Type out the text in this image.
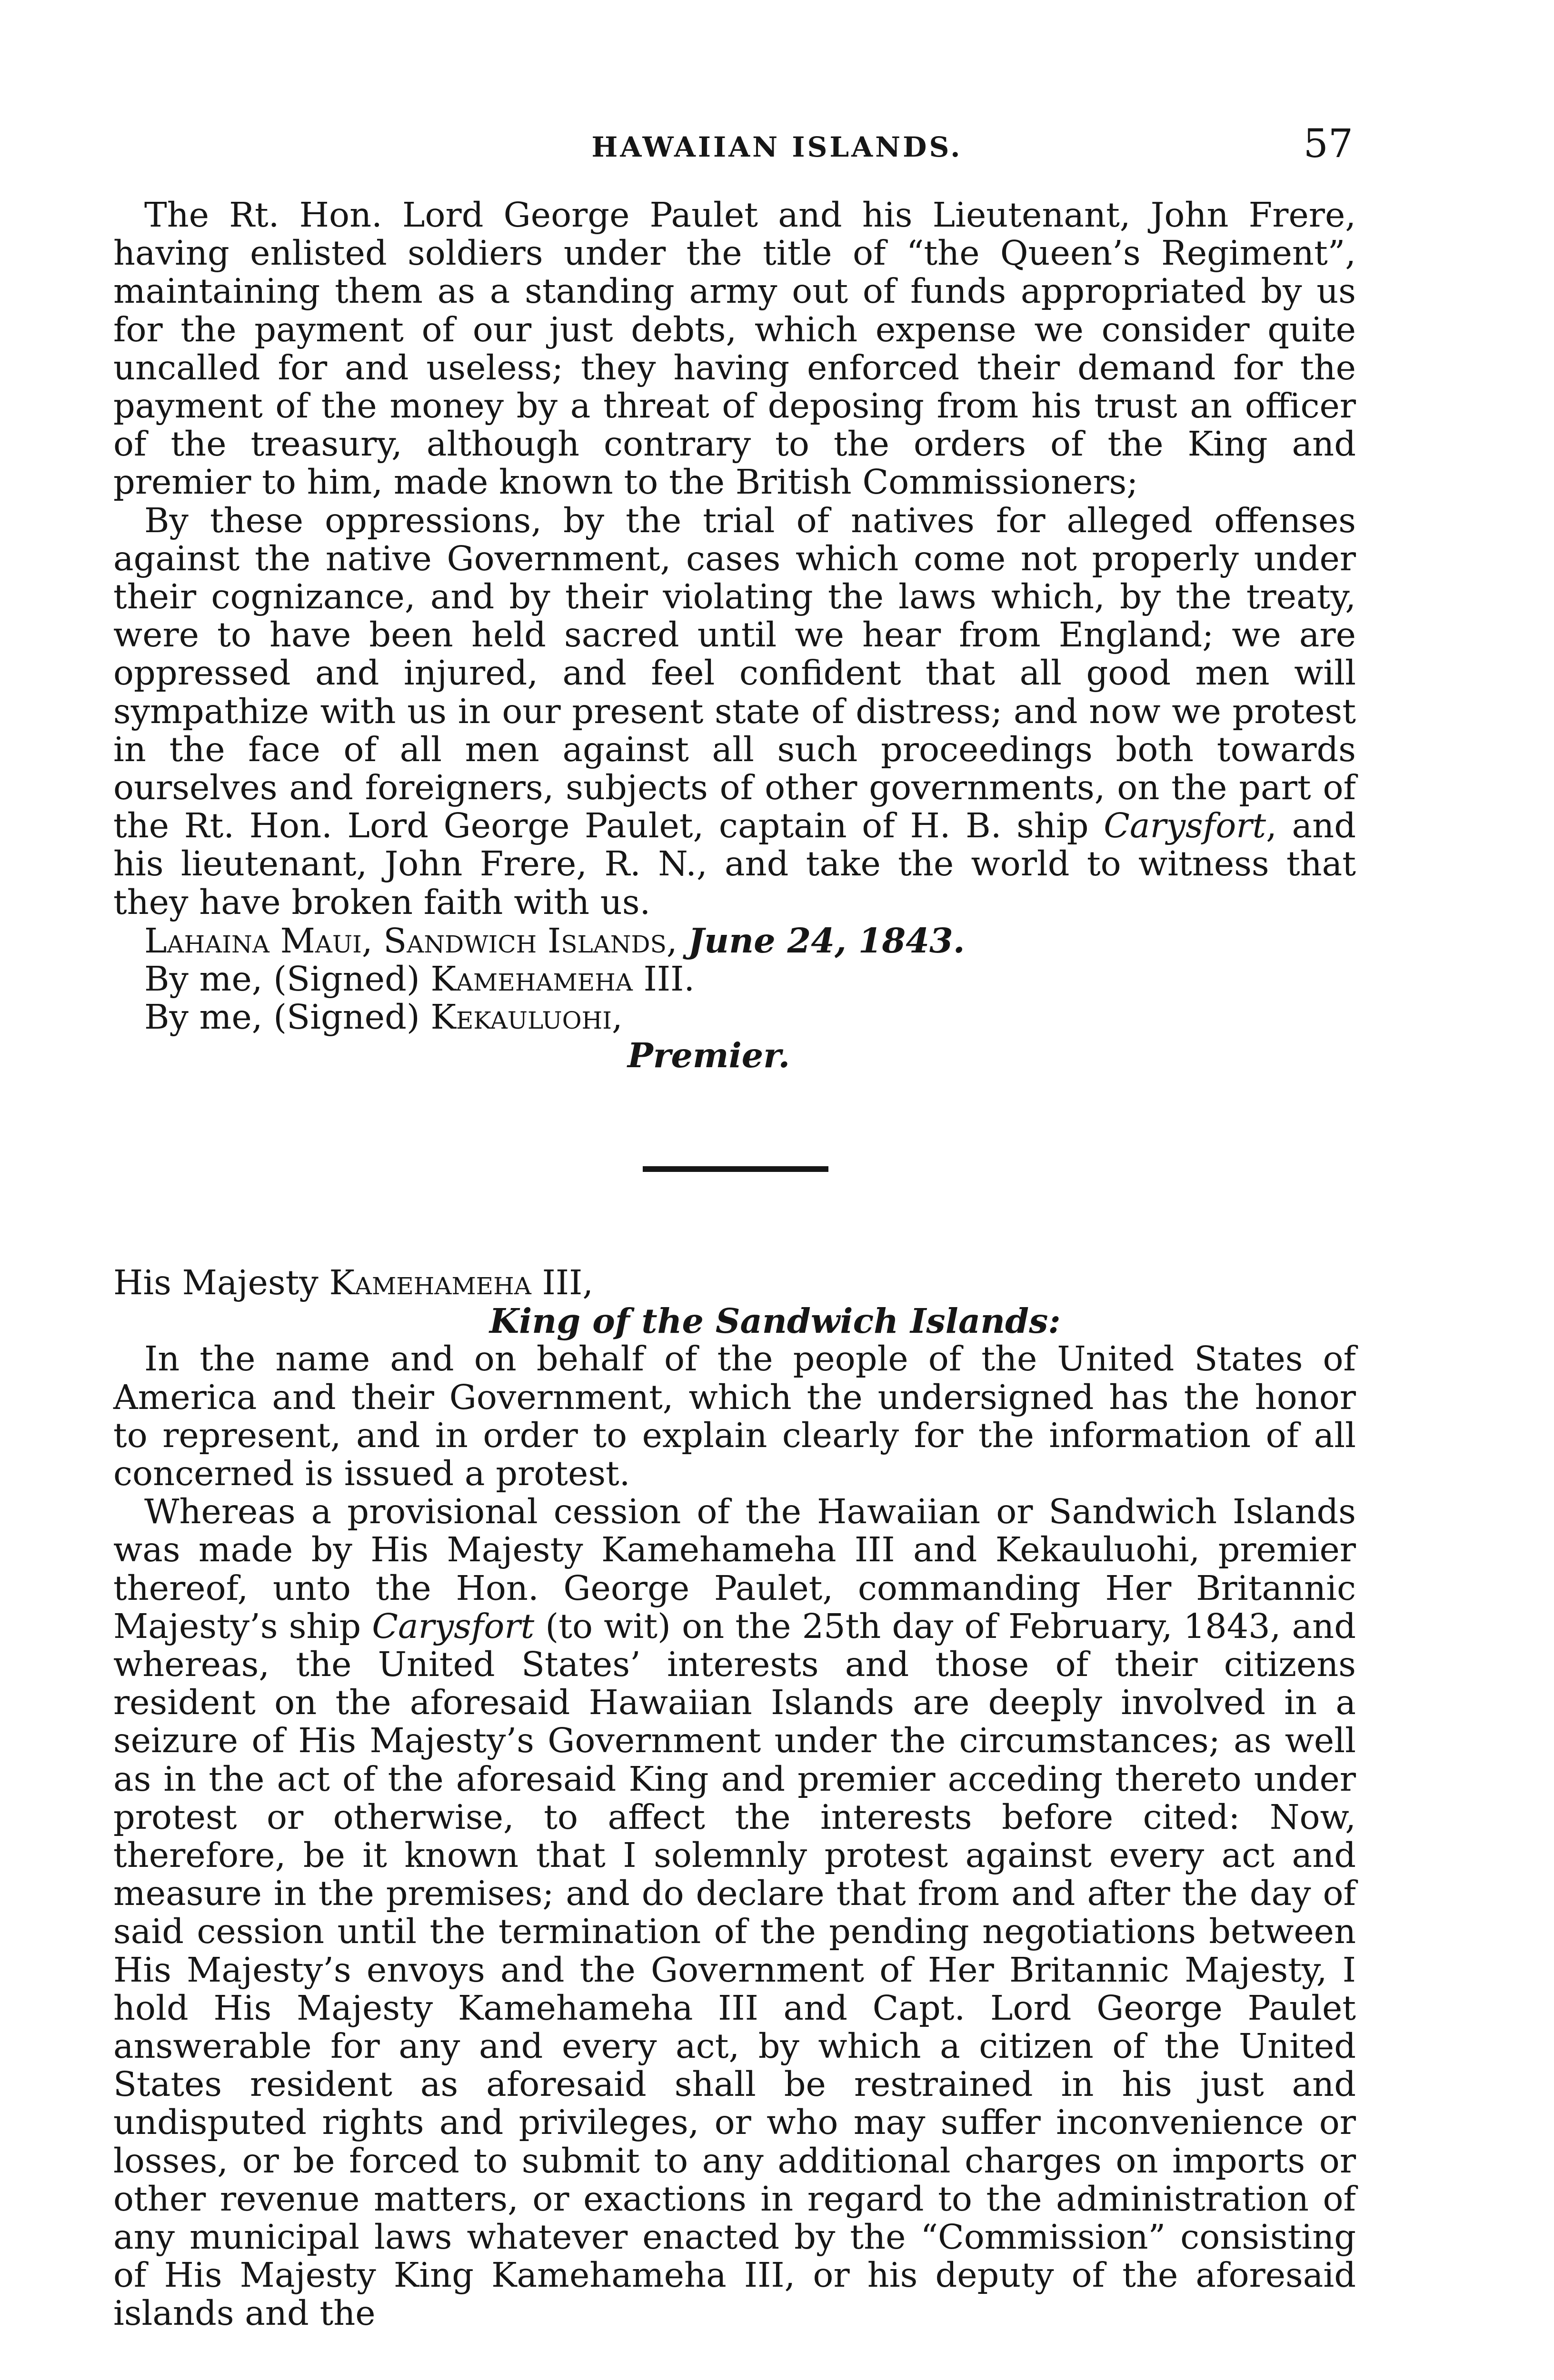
HAWAIIAN ISLANDS.	57

The Rt. Hon. Lord George Paulet and his Lieutenant, John Frere, having enlisted soldiers under the title of “the Queen’s Regiment”, maintaining them as a standing army out of funds appropriated by us for the payment of our just debts, which expense we consider quite uncalled for and useless; they having enforced their demand for the payment of the money by a threat of deposing from his trust an officer of the treasury, although contrary to the orders of the King and premier to him, made known to the British Commissioners;

By these oppressions, by the trial of natives for alleged offenses against the native Government, cases which come not properly under their cognizance, and by their violating the laws which, by the treaty, were to have been held sacred until we hear from England; we are oppressed and injured, and feel confident that all good men will sympathize with us in our present state of distress; and now we protest in the face of all men against all such proceedings both towards ourselves and foreigners, subjects of other governments, on the part of the Rt. Hon. Lord George Paulet, captain of H. B. ship Carysfort, and his lieutenant, John Frere, R. N., and take the world to witness that they have broken faith with us.

Lahaina Maui, Sandwich Islands, June 24, 1843.

By me, (Signed) Kamehameha III.

By me, (Signed) Kekauluohi,

Premier.

His Majesty Kamehameha III,

King of the Sandwich Islands:

In the name and on behalf of the people of the United States of America and their Government, which the undersigned has the honor to represent, and in order to explain clearly for the information of all concerned is issued a protest.

Whereas a provisional cession of the Hawaiian or Sandwich Islands was made by His Majesty Kamehameha III and Kekauluohi, premier thereof, unto the Hon. George Paulet, commanding Her Britannic Majesty’s ship Carysfort (to wit) on the 25th day of February, 1843, and whereas, the United States’ interests and those of their citizens resident on the aforesaid Hawaiian Islands are deeply involved in a seizure of His Majesty’s Government under the circumstances; as well as in the act of the aforesaid King and premier acceding thereto under protest or otherwise, to affect the interests before cited: Now, therefore, be it known that I solemnly protest against every act and measure in the premises; and do declare that from and after the day of said cession until the termination of the pending negotiations between His Majesty’s envoys and the Government of Her Britannic Majesty, I hold His Majesty Kamehameha III and Capt. Lord George Paulet answerable for any and every act, by which a citizen of the United States resident as aforesaid shall be restrained in his just and undisputed rights and privileges, or who may suffer inconvenience or losses, or be forced to submit to any additional charges on imports or other revenue matters, or exactions in regard to the administration of any municipal laws whatever enacted by the “Commission” consisting of His Majesty King Kamehameha III, or his deputy of the aforesaid islands and the
